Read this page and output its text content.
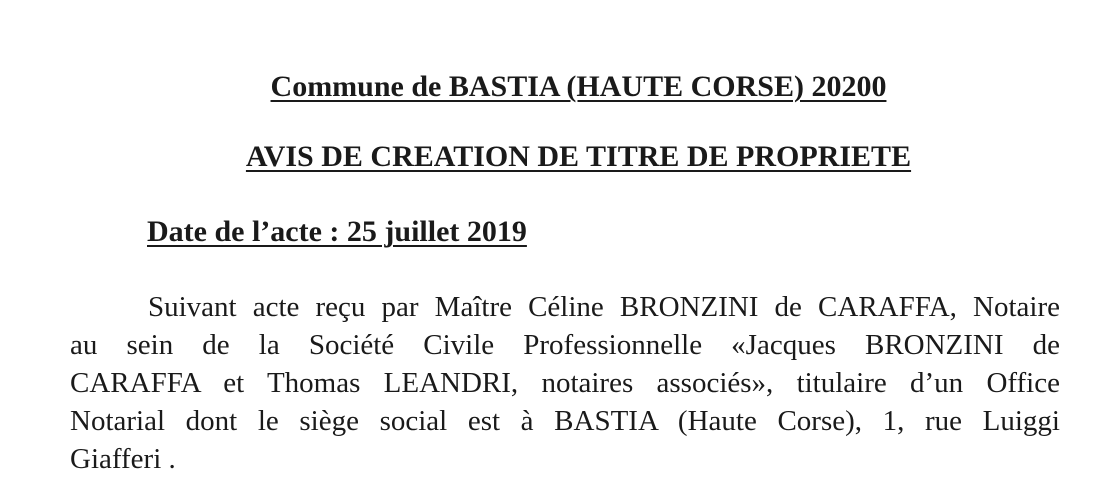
Commune de BASTIA (HAUTE CORSE) 20200
AVIS DE CREATION DE TITRE DE PROPRIETE
Date de l’acte : 25 juillet 2019
Suivant acte reçu par Maître Céline BRONZINI de CARAFFA, Notaire
au sein de la Société Civile Professionnelle «Jacques BRONZINI de
CARAFFA et Thomas LEANDRI, notaires associés», titulaire d’un Office
Notarial dont le siège social est à BASTIA (Haute Corse), 1, rue Luiggi
Giafferi .
